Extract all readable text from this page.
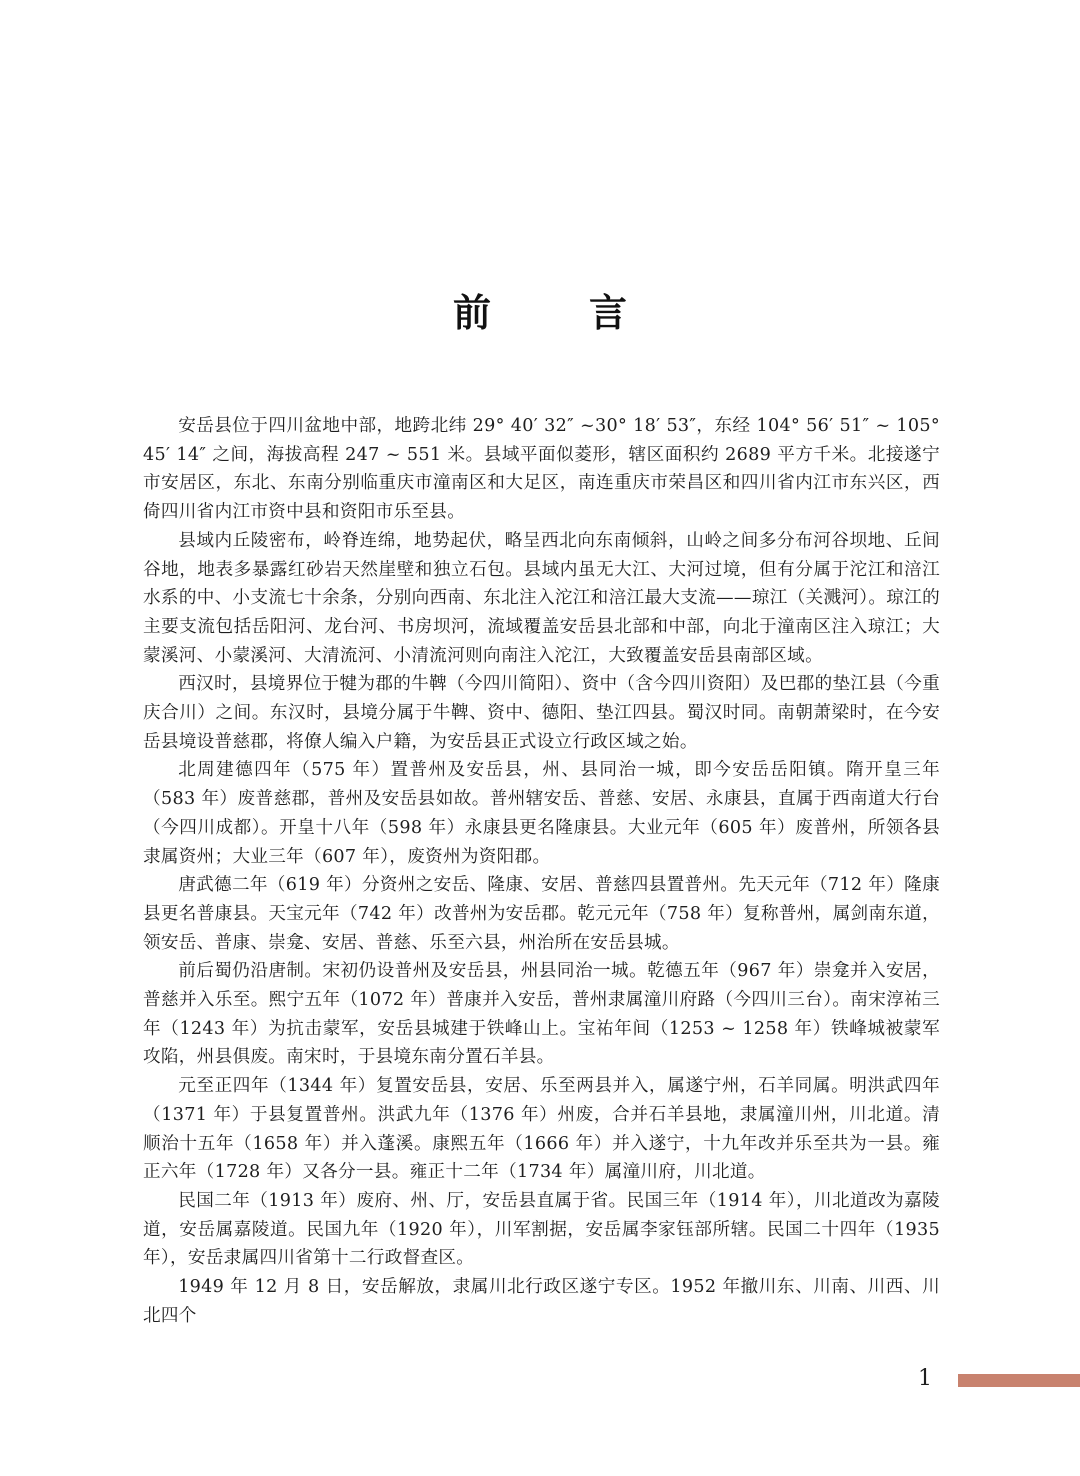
前　言

安岳县位于四川盆地中部，地跨北纬 29° 40′ 32″ ~30° 18′ 53″，东经 104° 56′ 51″ ~ 105° 45′ 14″ 之间，海拔高程 247 ~ 551 米。县域平面似菱形，辖区面积约 2689 平方千米。北接遂宁市安居区，东北、东南分别临重庆市潼南区和大足区，南连重庆市荣昌区和四川省内江市东兴区，西倚四川省内江市资中县和资阳市乐至县。

县域内丘陵密布，岭脊连绵，地势起伏，略呈西北向东南倾斜，山岭之间多分布河谷坝地、丘间谷地，地表多暴露红砂岩天然崖壁和独立石包。县域内虽无大江、大河过境，但有分属于沱江和涪江水系的中、小支流七十余条，分别向西南、东北注入沱江和涪江最大支流——琼江（关溅河）。琼江的主要支流包括岳阳河、龙台河、书房坝河，流域覆盖安岳县北部和中部，向北于潼南区注入琼江；大蒙溪河、小蒙溪河、大清流河、小清流河则向南注入沱江，大致覆盖安岳县南部区域。

西汉时，县境界位于犍为郡的牛鞞（今四川简阳）、资中（含今四川资阳）及巴郡的垫江县（今重庆合川）之间。东汉时，县境分属于牛鞞、资中、德阳、垫江四县。蜀汉时同。南朝萧梁时，在今安岳县境设普慈郡，将僚人编入户籍，为安岳县正式设立行政区域之始。

北周建德四年（575 年）置普州及安岳县，州、县同治一城，即今安岳岳阳镇。隋开皇三年（583 年）废普慈郡，普州及安岳县如故。普州辖安岳、普慈、安居、永康县，直属于西南道大行台（今四川成都）。开皇十八年（598 年）永康县更名隆康县。大业元年（605 年）废普州，所领各县隶属资州；大业三年（607 年），废资州为资阳郡。

唐武德二年（619 年）分资州之安岳、隆康、安居、普慈四县置普州。先天元年（712 年）隆康县更名普康县。天宝元年（742 年）改普州为安岳郡。乾元元年（758 年）复称普州，属剑南东道，领安岳、普康、崇龛、安居、普慈、乐至六县，州治所在安岳县城。

前后蜀仍沿唐制。宋初仍设普州及安岳县，州县同治一城。乾德五年（967 年）崇龛并入安居，普慈并入乐至。熙宁五年（1072 年）普康并入安岳，普州隶属潼川府路（今四川三台）。南宋淳祐三年（1243 年）为抗击蒙军，安岳县城建于铁峰山上。宝祐年间（1253 ~ 1258 年）铁峰城被蒙军攻陷，州县俱废。南宋时，于县境东南分置石羊县。

元至正四年（1344 年）复置安岳县，安居、乐至两县并入，属遂宁州，石羊同属。明洪武四年（1371 年）于县复置普州。洪武九年（1376 年）州废，合并石羊县地，隶属潼川州，川北道。清顺治十五年（1658 年）并入蓬溪。康熙五年（1666 年）并入遂宁，十九年改并乐至共为一县。雍正六年（1728 年）又各分一县。雍正十二年（1734 年）属潼川府，川北道。

民国二年（1913 年）废府、州、厅，安岳县直属于省。民国三年（1914 年），川北道改为嘉陵道，安岳属嘉陵道。民国九年（1920 年），川军割据，安岳属李家钰部所辖。民国二十四年（1935 年），安岳隶属四川省第十二行政督查区。

1949 年 12 月 8 日，安岳解放，隶属川北行政区遂宁专区。1952 年撤川东、川南、川西、川北四个

1
